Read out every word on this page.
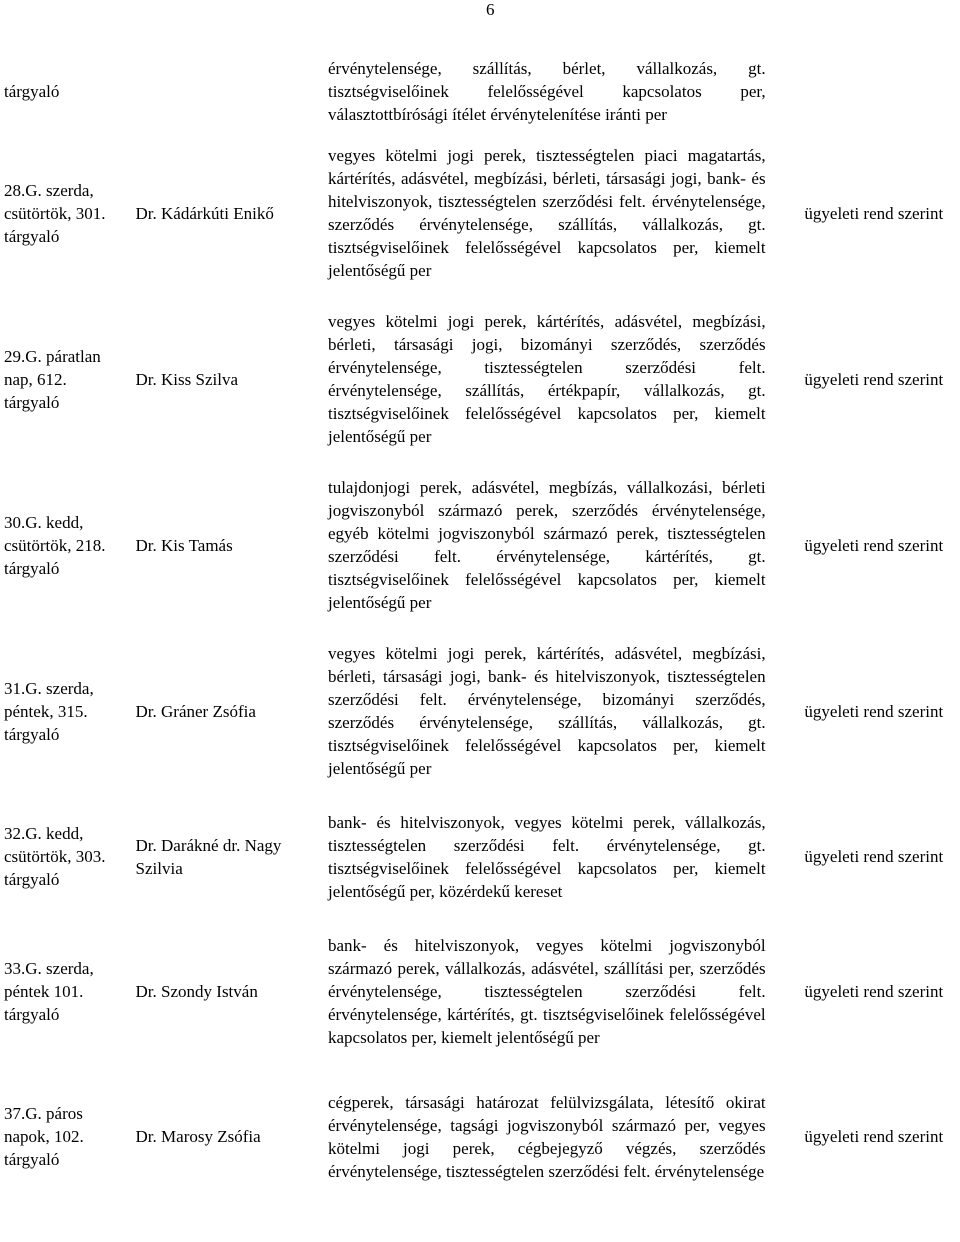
6
tárgyaló		érvénytelensége, szállítás, bérlet, vállalkozás, gt. tisztségviselőinek felelősségével kapcsolatos per, választottbírósági ítélet érvénytelenítése iránti per	
28.G. szerda, csütörtök, 301. tárgyaló	Dr. Kádárkúti Enikő	vegyes kötelmi jogi perek, tisztességtelen piaci magatartás, kártérítés, adásvétel, megbízási, bérleti, társasági jogi, bank- és hitelviszonyok, tisztességtelen szerződési felt. érvénytelensége, szerződés érvénytelensége, szállítás, vállalkozás, gt. tisztségviselőinek felelősségével kapcsolatos per, kiemelt jelentőségű per	ügyeleti rend szerint
29.G. páratlan nap, 612. tárgyaló	Dr. Kiss Szilva	vegyes kötelmi jogi perek, kártérítés, adásvétel, megbízási, bérleti, társasági jogi, bizományi szerződés, szerződés érvénytelensége, tisztességtelen szerződési felt. érvénytelensége, szállítás, értékpapír, vállalkozás, gt. tisztségviselőinek felelősségével kapcsolatos per, kiemelt jelentőségű per	ügyeleti rend szerint
30.G. kedd, csütörtök, 218. tárgyaló	Dr. Kis Tamás	tulajdonjogi perek, adásvétel, megbízás, vállalkozási, bérleti jogviszonyból származó perek, szerződés érvénytelensége, egyéb kötelmi jogviszonyból származó perek, tisztességtelen szerződési felt. érvénytelensége, kártérítés, gt. tisztségviselőinek felelősségével kapcsolatos per, kiemelt jelentőségű per	ügyeleti rend szerint
31.G. szerda, péntek, 315. tárgyaló	Dr. Gráner Zsófia	vegyes kötelmi jogi perek, kártérítés, adásvétel, megbízási, bérleti, társasági jogi, bank- és hitelviszonyok, tisztességtelen szerződési felt. érvénytelensége, bizományi szerződés, szerződés érvénytelensége, szállítás, vállalkozás, gt. tisztségviselőinek felelősségével kapcsolatos per, kiemelt jelentőségű per	ügyeleti rend szerint
32.G. kedd, csütörtök, 303. tárgyaló	Dr. Darákné dr. Nagy Szilvia	bank- és hitelviszonyok, vegyes kötelmi perek, vállalkozás, tisztességtelen szerződési felt. érvénytelensége, gt. tisztségviselőinek felelősségével kapcsolatos per, kiemelt jelentőségű per, közérdekű kereset	ügyeleti rend szerint
33.G. szerda, péntek 101. tárgyaló	Dr. Szondy István	bank- és hitelviszonyok, vegyes kötelmi jogviszonyból származó perek, vállalkozás, adásvétel, szállítási per, szerződés érvénytelensége, tisztességtelen szerződési felt. érvénytelensége, kártérítés, gt. tisztségviselőinek felelősségével kapcsolatos per, kiemelt jelentőségű per	ügyeleti rend szerint
37.G. páros napok, 102. tárgyaló	Dr. Marosy Zsófia	cégperek, társasági határozat felülvizsgálata, létesítő okirat érvénytelensége, tagsági jogviszonyból származó per, vegyes kötelmi jogi perek, cégbejegyző végzés, szerződés érvénytelensége, tisztességtelen szerződési felt. érvénytelensége	ügyeleti rend szerint
